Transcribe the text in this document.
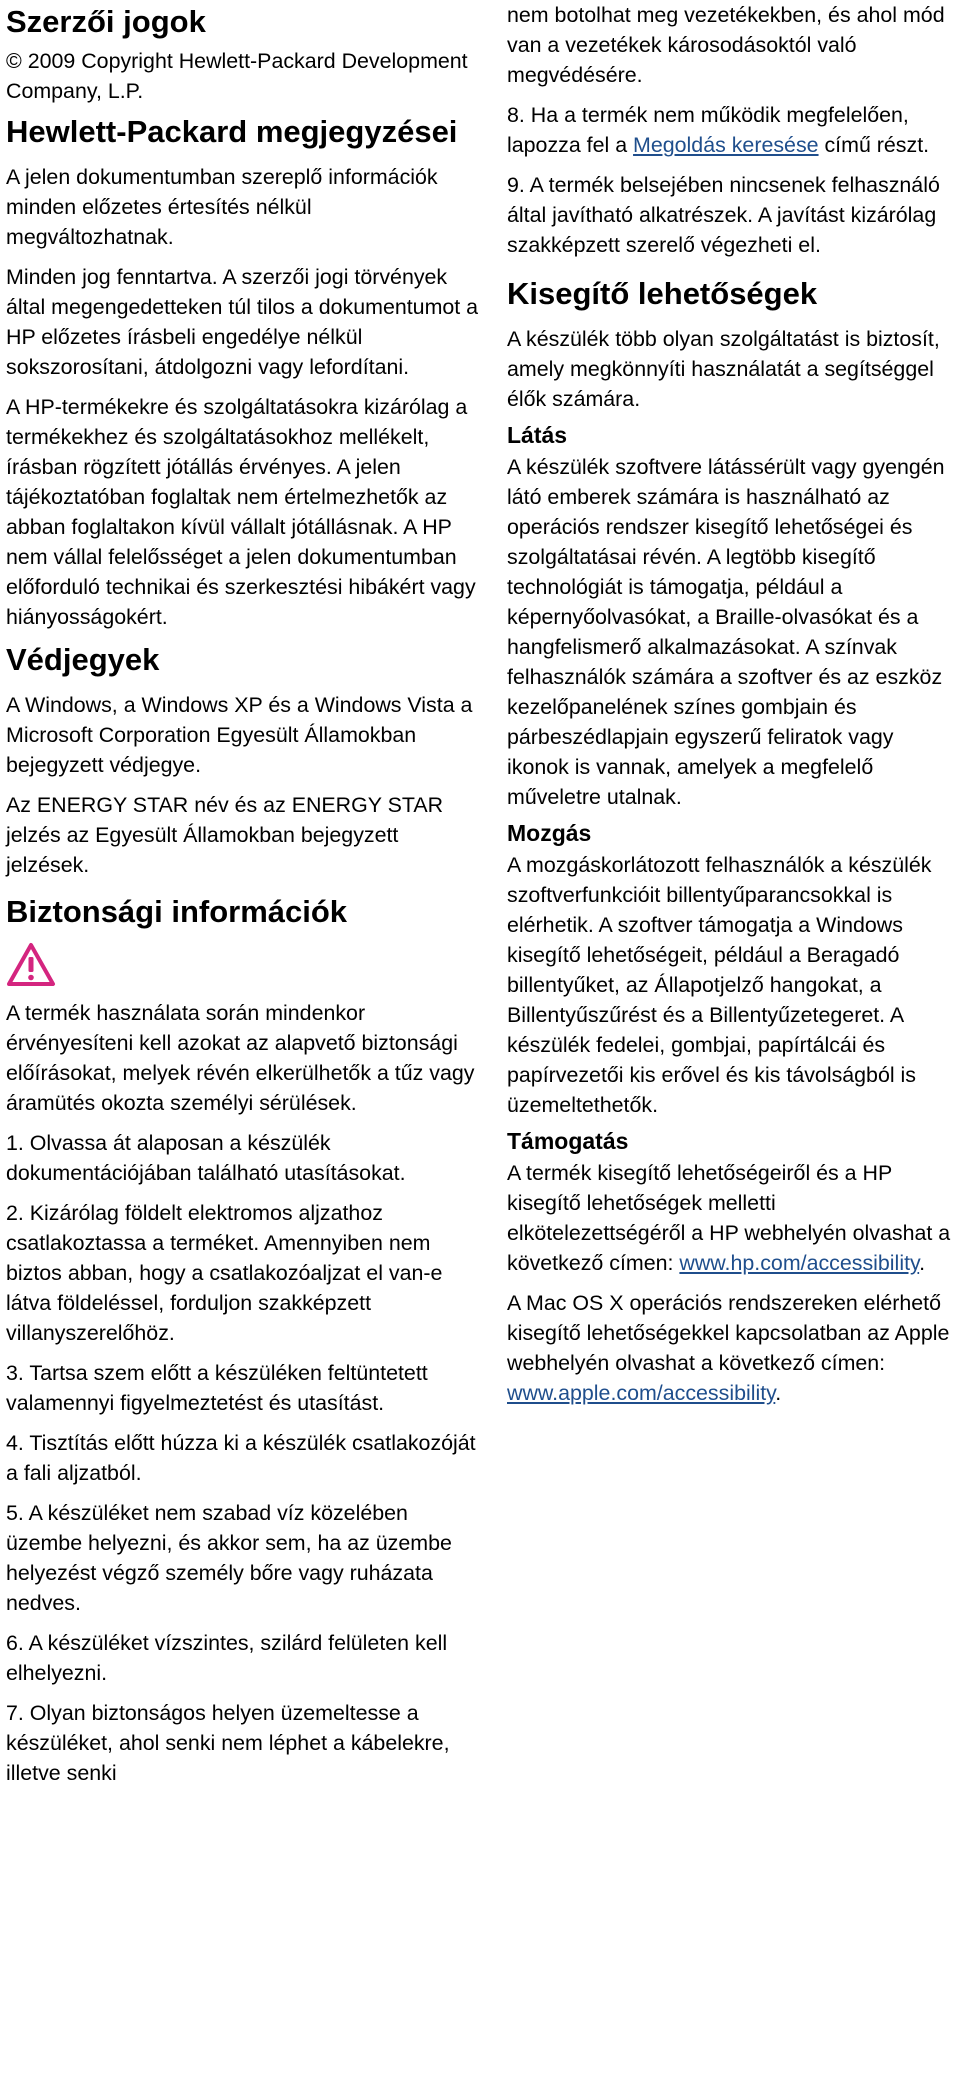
Szerzői jogok

© 2009 Copyright Hewlett-Packard Development Company, L.P.

Hewlett-Packard megjegyzései

A jelen dokumentumban szereplő információk minden előzetes értesítés nélkül megváltozhatnak.

Minden jog fenntartva. A szerzői jogi törvények által megengedetteken túl tilos a dokumentumot a HP előzetes írásbeli engedélye nélkül sokszorosítani, átdolgozni vagy lefordítani.

A HP-termékekre és szolgáltatásokra kizárólag a termékekhez és szolgáltatásokhoz mellékelt, írásban rögzített jótállás érvényes. A jelen tájékoztatóban foglaltak nem értelmezhetők az abban foglaltakon kívül vállalt jótállásnak. A HP nem vállal felelősséget a jelen dokumentumban előforduló technikai és szerkesztési hibákért vagy hiányosságokért.

Védjegyek

A Windows, a Windows XP és a Windows Vista a Microsoft Corporation Egyesült Államokban bejegyzett védjegye.

Az ENERGY STAR név és az ENERGY STAR jelzés az Egyesült Államokban bejegyzett jelzések.

Biztonsági információk

A termék használata során mindenkor érvényesíteni kell azokat az alapvető biztonsági előírásokat, melyek révén elkerülhetők a tűz vagy áramütés okozta személyi sérülések.

1. Olvassa át alaposan a készülék dokumentációjában található utasításokat.

2. Kizárólag földelt elektromos aljzathoz csatlakoztassa a terméket. Amennyiben nem biztos abban, hogy a csatlakozóaljzat el van-e látva földeléssel, forduljon szakképzett villanyszerelőhöz.

3. Tartsa szem előtt a készüléken feltüntetett valamennyi figyelmeztetést és utasítást.

4. Tisztítás előtt húzza ki a készülék csatlakozóját a fali aljzatból.

5. A készüléket nem szabad víz közelében üzembe helyezni, és akkor sem, ha az üzembe helyezést végző személy bőre vagy ruházata nedves.

6. A készüléket vízszintes, szilárd felületen kell elhelyezni.

7. Olyan biztonságos helyen üzemeltesse a készüléket, ahol senki nem léphet a kábelekre, illetve senki

nem botolhat meg vezetékekben, és ahol mód van a vezetékek károsodásoktól való megvédésére.

8. Ha a termék nem működik megfelelően, lapozza fel a Megoldás keresése című részt.

9. A termék belsejében nincsenek felhasználó által javítható alkatrészek. A javítást kizárólag szakképzett szerelő végezheti el.

Kisegítő lehetőségek

A készülék több olyan szolgáltatást is biztosít, amely megkönnyíti használatát a segítséggel élők számára.

Látás

A készülék szoftvere látássérült vagy gyengén látó emberek számára is használható az operációs rendszer kisegítő lehetőségei és szolgáltatásai révén. A legtöbb kisegítő technológiát is támogatja, például a képernyőolvasókat, a Braille-olvasókat és a hangfelismerő alkalmazásokat. A színvak felhasználók számára a szoftver és az eszköz kezelőpanelének színes gombjain és párbeszédlapjain egyszerű feliratok vagy ikonok is vannak, amelyek a megfelelő műveletre utalnak.

Mozgás

A mozgáskorlátozott felhasználók a készülék szoftverfunkcióit billentyűparancsokkal is elérhetik. A szoftver támogatja a Windows kisegítő lehetőségeit, például a Beragadó billentyűket, az Állapotjelző hangokat, a Billentyűszűrést és a Billentyűzetegeret. A készülék fedelei, gombjai, papírtálcái és papírvezetői kis erővel és kis távolságból is üzemeltethetők.

Támogatás

A termék kisegítő lehetőségeiről és a HP kisegítő lehetőségek melletti elkötelezettségéről a HP webhelyén olvashat a következő címen: www.hp.com/accessibility.

A Mac OS X operációs rendszereken elérhető kisegítő lehetőségekkel kapcsolatban az Apple webhelyén olvashat a következő címen: www.apple.com/accessibility.
